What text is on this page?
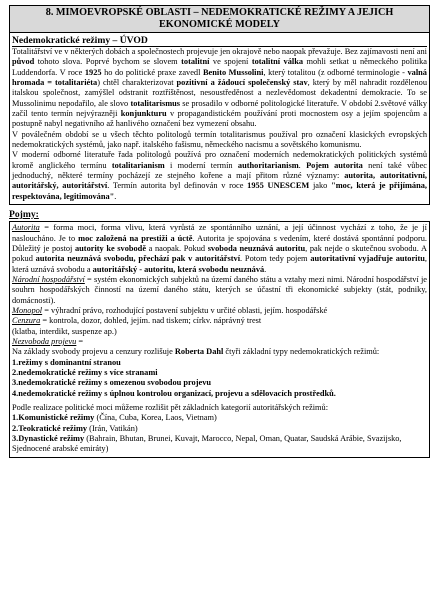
8. MIMOEVROPSKÉ OBLASTI – NEDEMOKRATICKÉ REŽIMY A JEJICH
EKONOMICKÉ MODELY
Nedemokratické režimy – ÚVOD

Totalitářství ve v některých dobách a společnostech projevuje jen okrajově nebo naopak převažuje. Bez zajímavosti není ani původ tohoto slova. Poprvé bychom se slovem totalitní ve spojení totalitní válka mohli setkat u německého politika Luddendorfa. V roce 1925 ho do politické praxe zavedl Benito Mussolini, který totalitou (z odborné terminologie - valná hromada = totalitariéta) chtěl charakterizovat pozitivní a žádoucí společenský stav, který by měl nahradit rozdělenou italskou společnost, zamýšlel odstranit roztříštěnost, nesoustředěnost a nezlevědomost dekadentní demokracie. To se Mussolinimu nepodařilo, ale slovo totalitarismus se prosadilo v odborné politologické literatuře. V období 2.světové války začíl tento termín nejvýrazněji konjunkturu v propagandistickém používání proti mocnostem osy a jejím spojencům a postupně nabyl negativního až hanlivého označení bez vymezení obsahu.

V poválečném období se u všech těchto politologů termín totalitarismus používal pro označení klasických evropských nedemokratických systémů, jako např. italského fašismu, německého nacismu a sovětského komunismu.

V moderní odborné literatuře řada politologů používá pro označení moderních nedemokratických politických systémů kromě anglického termínu totalitarianism i moderní termín authoritarianism. Pojem autorita není také vůbec jednoduchý, některé termíny pocházejí ze stejného kořene a mají přitom různé významy: autorita, autoritativní, autoritářský, autoritářství. Termín autorita byl definován v roce 1955 UNESCEM jako "moc, která je přijímána, respektována, legitimována".

Pojmy:

Autorita = forma moci, forma vlivu, která vyrůstá ze spontánního uznání, a její účinnost vychází z toho, že je jí nasloucháno. Je to moc založená na prestiži a úctě. Autorita je spojována s vedením, které dostává spontánní podporu. Důležitý je postoj autority ke svobodě a naopak. Pokud svoboda neuznává autoritu, pak nejde o skutečnou svobodu. A pokud autorita neuznává svobodu, přechází pak v autoritářství. Potom tedy pojem autoritativní vyjadřuje autoritu, která uznává svobodu a autoritářský - autoritu, která svobodu neuznává.

Národní hospodářství = systém ekonomických subjektů na území daného státu a vztahy mezi nimi. Národní hospodářství je souhrn hospodářských činností na území daného státu, kterých se účastní tři ekonomické subjekty (stát, podniky, domácnosti).

Monopol = výhradní právo, rozhodující postavení subjektu v určité oblasti, jejím. hospodářské

Cenzura = kontrola, dozor, dohled, jejím. nad tiskem; církv. náprávný trest

(klatba, interdikt, suspenze ap.)

Nezvoboda projevu =

Na základy svobody projevu a cenzury rozlišuje Roberta Dahl čtyři základní typy nedemokratických režimů:

1.režimy s dominantní stranou

2.nedemokratické režimy s více stranami

3.nedemokratické režimy s omezenou svobodou projevu

4.nedemokratické režimy s úplnou kontrolou organizací, projevu a sdělovacích prostředků.

Podle realizace politické moci můžeme rozlišit pět základních kategorií autoritářských režimů:

1.Komunistické režimy (Čína, Cuba, Korea, Laos, Vietnam)

2.Teokratické režimy (Irán, Vatikán)

3.Dynastické režimy (Bahrain, Bhutan, Brunei, Kuvajt, Marocco, Nepal, Oman, Quatar, Saudská Arábie, Svazijsko, Sjednocené arabské emiráty)
